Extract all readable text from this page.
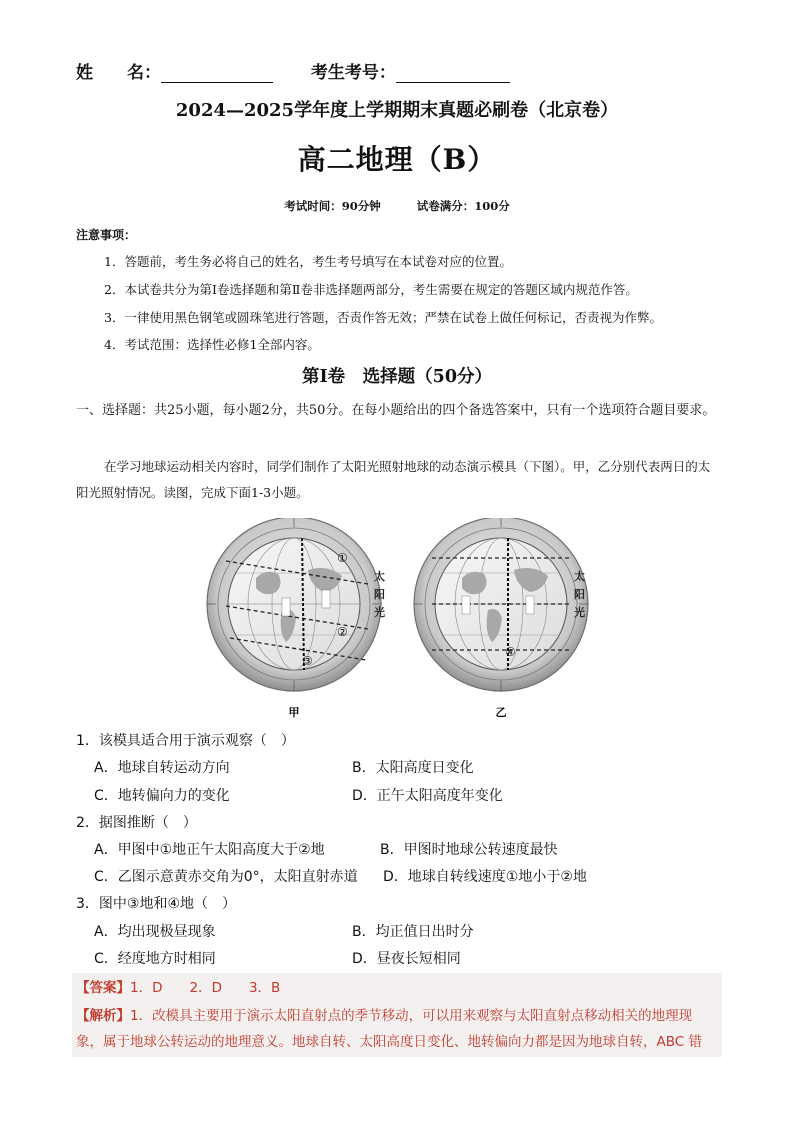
姓　　名：	考生考号：
2024—2025学年度上学期期末真题必刷卷（北京卷）
高二地理（B）
考试时间：90分钟	试卷满分：100分
注意事项：
1．答题前，考生务必将自己的姓名，考生考号填写在本试卷对应的位置。
2．本试卷共分为第Ⅰ卷选择题和第Ⅱ卷非选择题两部分，考生需要在规定的答题区域内规范作答。
3．一律使用黑色钢笔或圆珠笔进行答题，否责作答无效；严禁在试卷上做任何标记，否责视为作弊。
4．考试范围：选择性必修1全部内容。
第Ⅰ卷　选择题（50分）
一、选择题：共25小题，每小题2分，共50分。在每小题给出的四个备选答案中，只有一个选项符合题目要求。
在学习地球运动相关内容时，同学们制作了太阳光照射地球的动态演示模具（下图）。甲，乙分别代表两日的太阳光照射情况。读图，完成下面1-3小题。
①
②
③
太
阳
光
④
太
阳
光
甲	乙
1．该模具适合用于演示观察（　）
A．地球自转运动方向	B．太阳高度日变化
C．地转偏向力的变化	D．正午太阳高度年变化
2．据图推断（　）
A．甲图中①地正午太阳高度大于②地	B．甲图时地球公转速度最快
C．乙图示意黄赤交角为0°，太阳直射赤道 D．地球自转线速度①地小于②地
3．图中③地和④地（　）
A．均出现极昼现象	B．均正值日出时分
C．经度地方时相同	D．昼夜长短相同
【答案】1．D　　2．D　　3．B
【解析】1．改模具主要用于演示太阳直射点的季节移动，可以用来观察与太阳直射点移动相关的地理现
象，属于地球公转运动的地理意义。地球自转、太阳高度日变化、地转偏向力都是因为地球自转，ABC 错
